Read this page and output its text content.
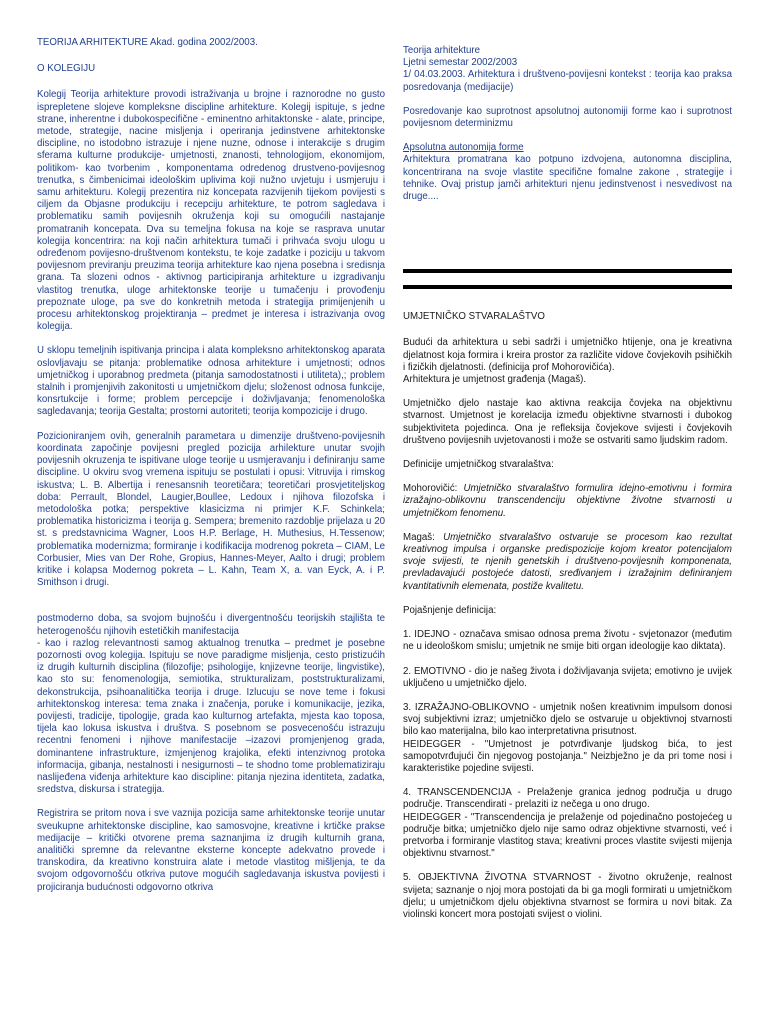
TEORIJA ARHITEKTURE Akad. godina 2002/2003.
O KOLEGIJU

Kolegij Teorija arhitekture provodi istraživanja u brojne i raznorodne no gusto isprepletene slojeve kompleksne discipline arhitekture. Kolegij ispituje, s jedne strane, inherentne i dubokospecifične - eminentno arhitaktonske - alate, principe, metode, strategije, nacine misljenja i operiranja jedinstvene arhitektonske discipline, no istodobno istrazuje i njene nuzne, odnose i interakcije s drugim sferama kulturne produkcije- umjetnosti, znanosti, tehnologijom, ekonomijom, politikom- kao tvorbenim , komponentama odredenog drustveno-povijesnog trenutka, s čimbenicimai ideološkim uplivima koji nužno uvjetuju i usmjeruju i samu arhitekturu. Kolegij prezentira niz koncepata razvijenih tijekom povijesti s ciljem da Objasne produkciju i recepciju arhitekture, te potrom sagledava i problematiku samih povijesnih okruženja koji su omogućili nastajanje promatranih koncepata. Dva su temeljna fokusa na koje se rasprava unutar kolegija koncentrira: na koji način arhitektura tumači i prihvaća svoju ulogu u određenom povijesno-društvenom kontekstu, te koje zadatke i poziciju u takvom povijesnom previranju preuzima teorija arhitekture kao njena posebna i sredisnja grana. Ta slozeni odnos - aktivnog participiranja arhitekture u izgradivanju vlastitog trenutka, uloge arhitektonske teorije u tumačenju i provođenju prepoznate uloge, pa sve do konkretnih metoda i strategija primijenjenih u procesu arhitektonskog projektiranja – predmet je interesa i istrazivanja ovog kolegija.

U sklopu temeljnih ispitivanja principa i alata kompleksno arhitektonskog aparata oslovljavaju se pitanja: problematike odnosa arhitekture i umjetnosti; odnos umjetničkog i uporabnog predmeta (pitanja samodostatnosti i utiliteta),; problem stalnih i promjenjivih zakonitosti u umjetničkom djelu; složenost odnosa funkcije, konsrtukcije i forme; problem percepcije i doživljavanja; fenomenološka sagledavanja; teorija Gestalta; prostorni autoriteti; teorija kompozicije i drugo.

Pozicioniranjem ovih, generalnih parametara u dimenzije društveno-povijesnih koordinata započinje povijesni pregled pozicija arhilekture unutar svojih povijesnih okruzenja te ispitivane uloge teorije u usmjeravanju i definiranju same discipline. U okviru svog vremena ispituju se postulati i opusi: Vitruvija i rimskog iskustva; L. B. Albertija i renesansnih teoretičara; teoretičari prosvjetiteljskog doba: Perrault, Blondel, Laugier,Boullee, Ledoux i njihova filozofska i metodološka potka; perspektive klasicizma ni primjer K.F. Schinkela; problematika historicizma i teorija g. Sempera; bremenito razdoblje prijelaza u 20 st. s predstavnicima Wagner, Loos H.P. Berlage, H. Muthesius, H.Tessenow; problematika modernizma; formiranje i kodifikacija modrenog pokreta – CIAM, Le Corbusier, Mies van Der Rohe, Gropius, Hannes-Meyer, Aalto i drugi; problem kritike i kolapsa Modernog pokreta – L. Kahn, Team X, a. van Eyck, A. i P. Smithson i drugi.

postmoderno doba, sa svojom bujnošću i divergentnošću teorijskih stajlišta te heterogenošću njihovih estetičkih manifestacija
- kao i razlog relevantnosti samog aktualnog trenutka – predmet je posebne pozornosti ovog kolegija. Ispituju se nove paradigme misljenja, cesto pristizućih iz drugih kulturnih disciplina (filozofije; psihologije, knjizevne teorije, lingvistike), kao sto su: fenomenologija, semiotika, strukturalizam, poststrukturalizami, dekonstrukcija, psihoanalitička teorija i druge. Izlucuju se nove teme i fokusi arhitektonskog interesa: tema znaka i značenja, poruke i komunikacije, jezika, povijesti, tradicije, tipologije, grada kao kulturnog artefakta, mjesta kao toposa, tijela kao lokusa iskustva i društva. S posebnom se posvecenošću istrazuju recentni fenomeni i njihove manifestacije –izazovi promjenjenog grada, dominantene infrastrukture, izmjenjenog krajolika, efekti intenzivnog protoka informacija, gibanja, nestalnosti i nesigurnosti – te shodno tome problematiziraju naslijeđena viđenja arhitekture kao discipline: pitanja njezina identiteta, zadatka, sredstva, diskursa i strategija.

Registrira se pritom nova i sve vaznija pozicija same arhitektonske teorije unutar sveukupne arhitektonske discipline, kao samosvojne, kreativne i krtičke prakse medijacije – kritički otvorene prema saznanjima iz drugih kulturnih grana, analitički spremne da relevantne eksterne koncepte adekvatno provede i transkodira, da kreativno konstruira alate i metode vlastitog mišljenja, te da svojom odgovornošću otkriva putove mogućih sagledavanja iskustva povijesti i projiciranja budućnosti odgovorno otkriva

Teorija arhitekture
Ljetni semestar 2002/2003

1/ 04.03.2003. Arhitektura i društveno-povijesni kontekst : teorija kao praksa posredovanja (medijacije)

Posredovanje kao suprotnost apsolutnoj autonomiji forme kao i suprotnost povijesnom determinizmu

Apsolutna autonomija forme

Arhitektura promatrana kao potpuno izdvojena, autonomna disciplina, koncentrirana na svoje vlastite specifične fomalne zakone , strategije i tehnike. Ovaj pristup jamči arhitekturi njenu jedinstvenost i nesvedivost na druge....

UMJETNIČKO STVARALAŠTVO

Budući da arhitektura u sebi sadrži i umjetničko htijenje, ona je kreativna djelatnost koja formira i kreira prostor za različite vidove čovjekovih psihičkih i fizičkih djelatnosti. (definicija prof Mohorovičića).

Arhitektura je umjetnost građenja (Magaš).

Umjetničko djelo nastaje kao aktivna reakcija čovjeka na objektivnu stvarnost. Umjetnost je korelacija između objektivne stvarnosti i dubokog subjektiviteta pojedinca. Ona je refleksija čovjekove svijesti i čovjekovih društveno povijesnih uvjetovanosti i može se ostvariti samo ljudskim radom.

Definicije umjetničkog stvaralaštva:

Mohorovičić: Umjetničko stvaralaštvo formulira idejno-emotivnu i formira izražajno-oblikovnu transcendenciju objektivne životne stvarnosti u umjetničkom fenomenu.

Magaš: Umjetničko stvaralaštvo ostvaruje se procesom kao rezultat kreativnog impulsa i organske predispozicije kojom kreator potencijalom svoje svijesti, te njenih genetskih i društveno-povijesnih komponenata, prevladavajući postojeće datosti, sređivanjem i izražajnim definiranjem kvantitativnih elemenata, postiže kvalitetu.

Pojašnjenje definicija:

1. IDEJNO - označava smisao odnosa prema životu - svjetonazor (međutim ne u ideološkom smislu; umjetnik ne smije biti organ ideologije kao diktata).

2. EMOTIVNO - dio je našeg života i doživljavanja svijeta; emotivno je uvijek uključeno u umjetničko djelo.

3. IZRAŽAJNO-OBLIKOVNO - umjetnik nošen kreativnim impulsom donosi svoj subjektivni izraz; umjetničko djelo se ostvaruje u objektivnoj stvarnosti bilo kao materijalna, bilo kao interpretativna prisutnost.

HEIDEGGER - "Umjetnost je potvrđivanje ljudskog bića, to jest samopotvrđujući čin njegovog postojanja." Neizbježno je da pri tome nosi i karakteristike pojedine svijesti.

4. TRANSCENDENCIJA - Prelaženje granica jednog područja u drugo područje. Transcendirati - prelaziti iz nečega u ono drugo.

HEIDEGGER - "Transcendencija je prelaženje od pojedinačno postojećeg u područje bitka; umjetničko djelo nije samo odraz objektivne stvarnosti, već i pretvorba i formiranje vlastitog stava; kreativni proces vlastite svijesti mijenja objektivnu stvarnost."

5. OBJEKTIVNA ŽIVOTNA STVARNOST - životno okruženje, realnost svijeta; saznanje o njoj mora postojati da bi ga mogli formirati u umjetničkom djelu; u umjetničkom djelu objektivna stvarnost se formira u novi bitak. Za violinski koncert mora postojati svijest o violini.
